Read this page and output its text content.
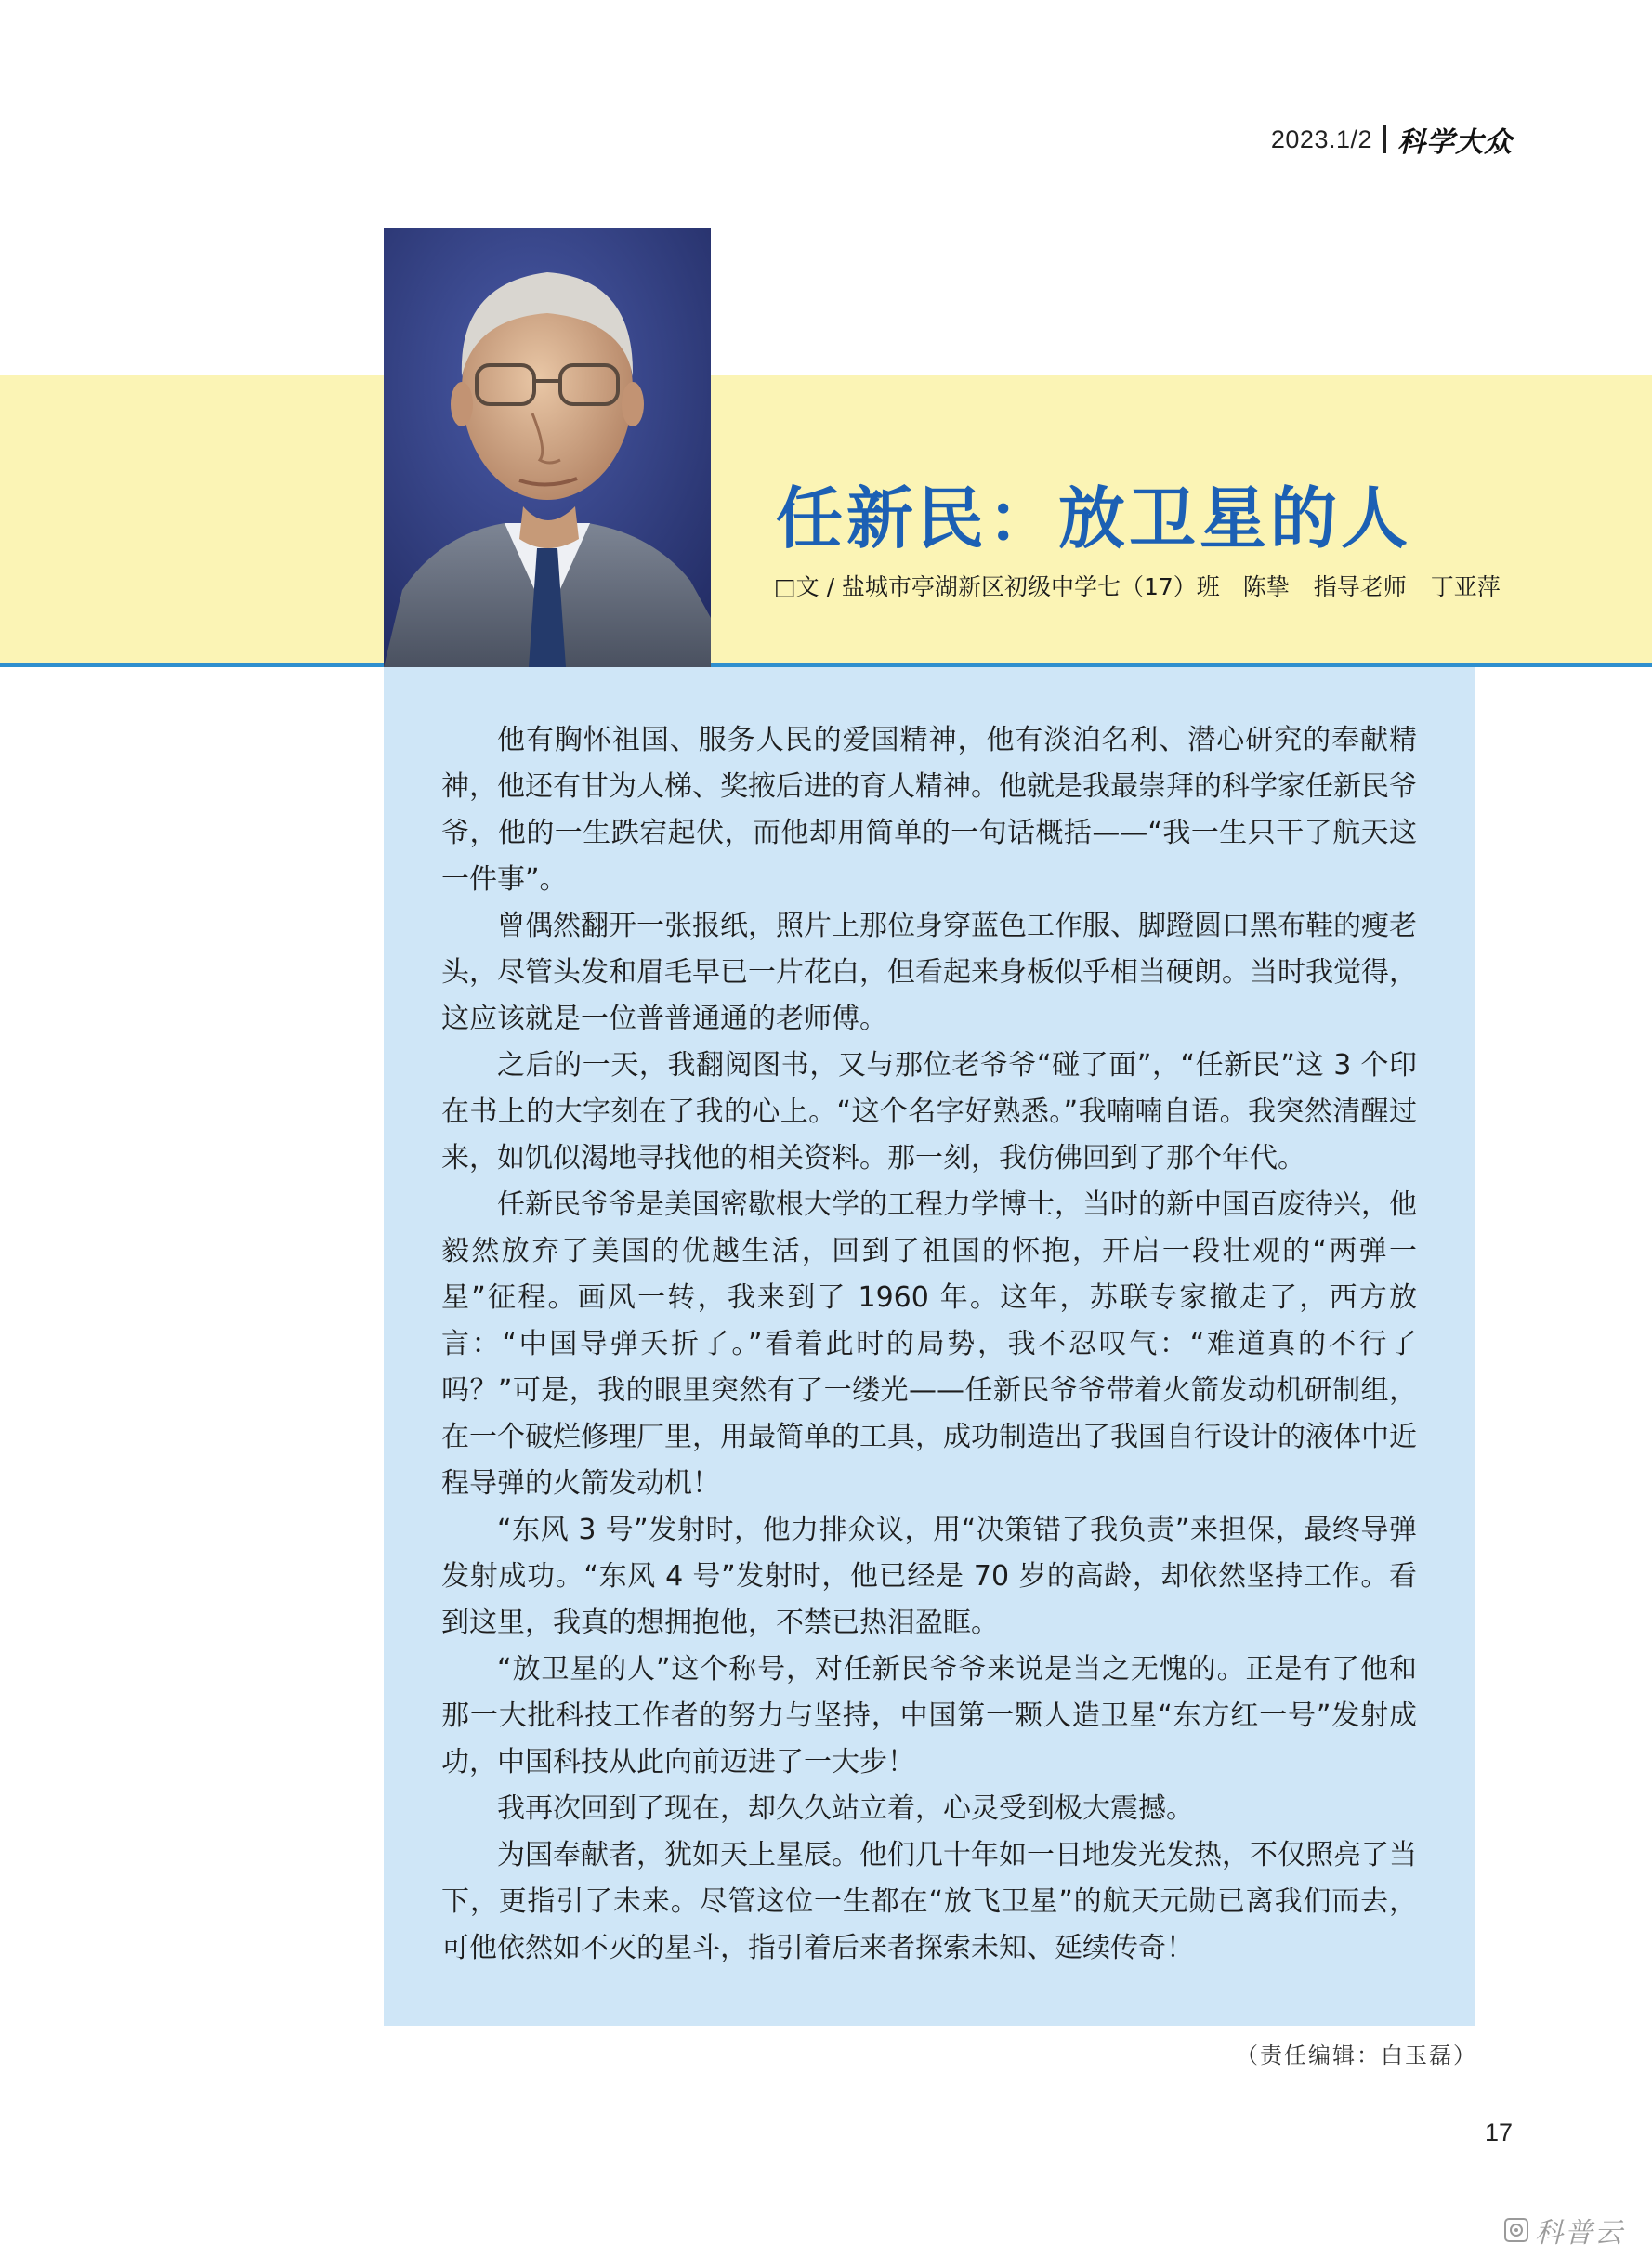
2023.1/2 科学大众
任新民：放卫星的人
□文 / 盐城市亭湖新区初级中学七（17）班　陈挚 指导老师 丁亚萍

他有胸怀祖国、服务人民的爱国精神，他有淡泊名利、潜心研究的奉献精神，他还有甘为人梯、奖掖后进的育人精神。他就是我最崇拜的科学家任新民爷爷，他的一生跌宕起伏，而他却用简单的一句话概括——“我一生只干了航天这一件事”。

曾偶然翻开一张报纸，照片上那位身穿蓝色工作服、脚蹬圆口黑布鞋的瘦老头，尽管头发和眉毛早已一片花白，但看起来身板似乎相当硬朗。当时我觉得，这应该就是一位普普通通的老师傅。

之后的一天，我翻阅图书，又与那位老爷爷“碰了面”，“任新民”这 3 个印在书上的大字刻在了我的心上。“这个名字好熟悉。”我喃喃自语。我突然清醒过来，如饥似渴地寻找他的相关资料。那一刻，我仿佛回到了那个年代。

任新民爷爷是美国密歇根大学的工程力学博士，当时的新中国百废待兴，他毅然放弃了美国的优越生活，回到了祖国的怀抱，开启一段壮观的“两弹一星”征程。画风一转，我来到了 1960 年。这年，苏联专家撤走了，西方放言：“中国导弹夭折了。”看着此时的局势，我不忍叹气：“难道真的不行了吗？”可是，我的眼里突然有了一缕光——任新民爷爷带着火箭发动机研制组，在一个破烂修理厂里，用最简单的工具，成功制造出了我国自行设计的液体中近程导弹的火箭发动机！

“东风 3 号”发射时，他力排众议，用“决策错了我负责”来担保，最终导弹发射成功。“东风 4 号”发射时，他已经是 70 岁的高龄，却依然坚持工作。看到这里，我真的想拥抱他，不禁已热泪盈眶。

“放卫星的人”这个称号，对任新民爷爷来说是当之无愧的。正是有了他和那一大批科技工作者的努力与坚持，中国第一颗人造卫星“东方红一号”发射成功，中国科技从此向前迈进了一大步！

我再次回到了现在，却久久站立着，心灵受到极大震撼。

为国奉献者，犹如天上星辰。他们几十年如一日地发光发热，不仅照亮了当下，更指引了未来。尽管这位一生都在“放飞卫星”的航天元勋已离我们而去，可他依然如不灭的星斗，指引着后来者探索未知、延续传奇！

（责任编辑：白玉磊）
17
科普云
